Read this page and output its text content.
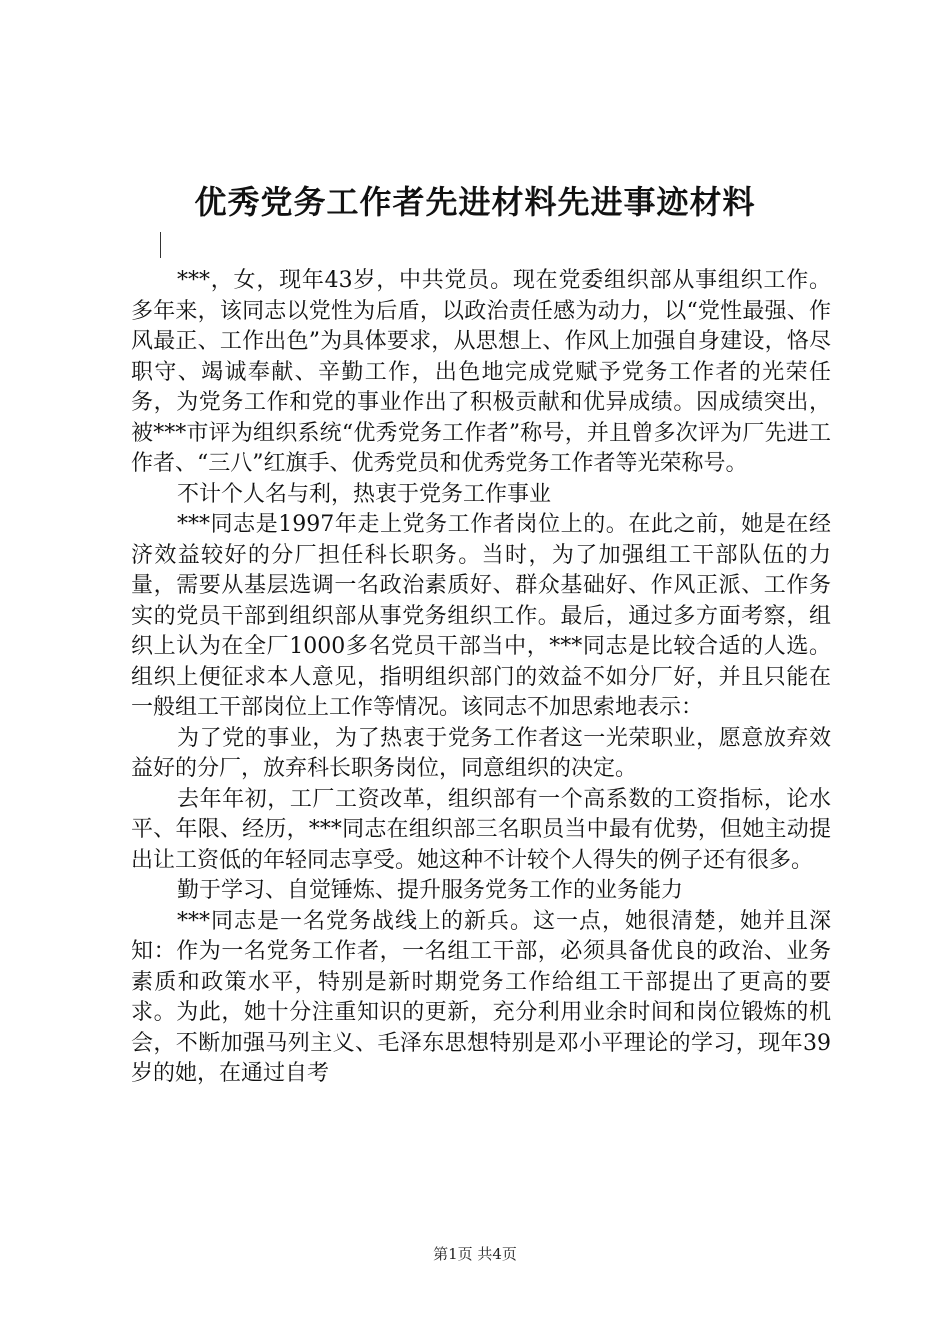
优秀党务工作者先进材料先进事迹材料

***，女，现年43岁，中共党员。现在党委组织部从事组织工作。多年来，该同志以党性为后盾，以政治责任感为动力，以“党性最强、作风最正、工作出色”为具体要求，从思想上、作风上加强自身建设，恪尽职守、竭诚奉献、辛勤工作，出色地完成党赋予党务工作者的光荣任务，为党务工作和党的事业作出了积极贡献和优异成绩。因成绩突出，被***市评为组织系统“优秀党务工作者”称号，并且曾多次评为厂先进工作者、“三八”红旗手、优秀党员和优秀党务工作者等光荣称号。

不计个人名与利，热衷于党务工作事业

***同志是1997年走上党务工作者岗位上的。在此之前，她是在经济效益较好的分厂担任科长职务。当时，为了加强组工干部队伍的力量，需要从基层选调一名政治素质好、群众基础好、作风正派、工作务实的党员干部到组织部从事党务组织工作。最后，通过多方面考察，组织上认为在全厂1000多名党员干部当中，***同志是比较合适的人选。组织上便征求本人意见，指明组织部门的效益不如分厂好，并且只能在一般组工干部岗位上工作等情况。该同志不加思索地表示：

为了党的事业，为了热衷于党务工作者这一光荣职业，愿意放弃效益好的分厂，放弃科长职务岗位，同意组织的决定。

去年年初，工厂工资改革，组织部有一个高系数的工资指标，论水平、年限、经历，***同志在组织部三名职员当中最有优势，但她主动提出让工资低的年轻同志享受。她这种不计较个人得失的例子还有很多。

勤于学习、自觉锤炼、提升服务党务工作的业务能力

***同志是一名党务战线上的新兵。这一点，她很清楚，她并且深知：作为一名党务工作者，一名组工干部，必须具备优良的政治、业务素质和政策水平，特别是新时期党务工作给组工干部提出了更高的要求。为此，她十分注重知识的更新，充分利用业余时间和岗位锻炼的机会，不断加强马列主义、毛泽东思想特别是邓小平理论的学习，现年39岁的她，在通过自考

第1页 共4页
